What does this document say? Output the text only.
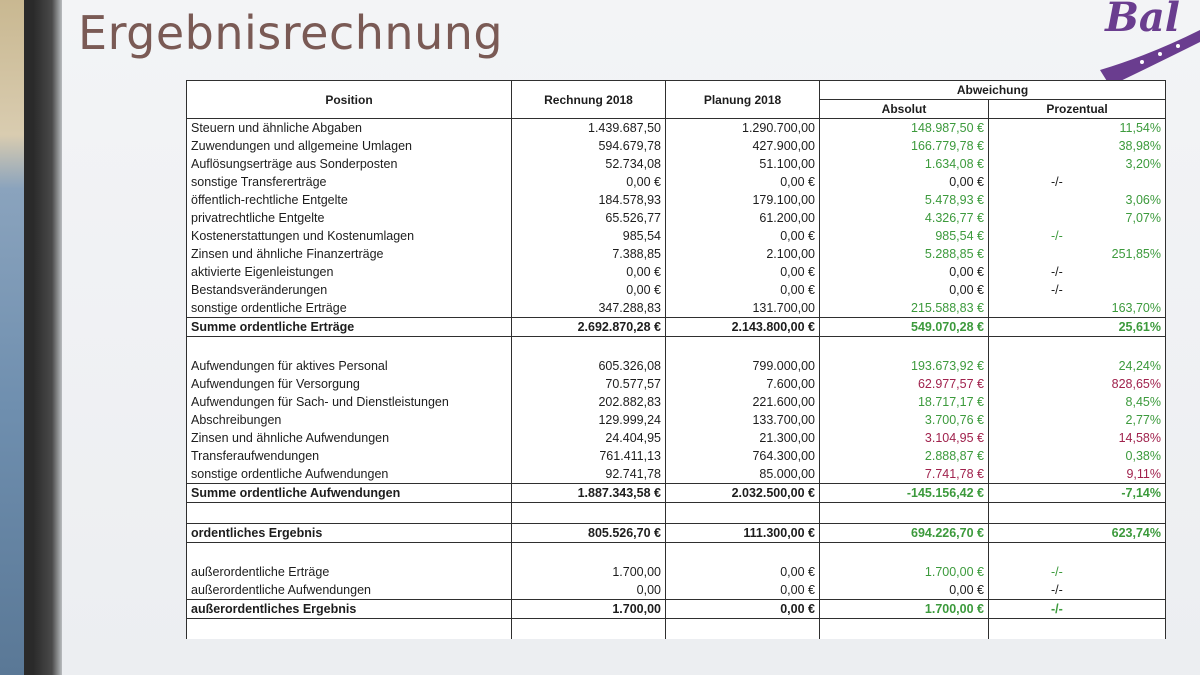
Ergebnisrechnung	Bal
Position	Rechnung 2018	Planung 2018	Abweichung	
			Absolut	Prozentual
Steuern und ähnliche Abgaben	1.439.687,50	1.290.700,00	148.987,50 €	11,54%
Zuwendungen und allgemeine Umlagen	594.679,78	427.900,00	166.779,78 €	38,98%
Auflösungserträge aus Sonderposten	52.734,08	51.100,00	1.634,08 €	3,20%
sonstige Transfererträge	0,00 €	0,00 €	0,00 €	-/-
öffentlich-rechtliche Entgelte	184.578,93	179.100,00	5.478,93 €	3,06%
privatrechtliche Entgelte	65.526,77	61.200,00	4.326,77 €	7,07%
Kostenerstattungen und Kostenumlagen	985,54	0,00 €	985,54 €	-/-
Zinsen und ähnliche Finanzerträge	7.388,85	2.100,00	5.288,85 €	251,85%
aktivierte Eigenleistungen	0,00 €	0,00 €	0,00 €	-/-
Bestandsveränderungen	0,00 €	0,00 €	0,00 €	-/-
sonstige ordentliche Erträge	347.288,83	131.700,00	215.588,83 €	163,70%
Summe ordentliche Erträge	2.692.870,28 €	2.143.800,00 €	549.070,28 €	25,61%

Aufwendungen für aktives Personal	605.326,08	799.000,00	193.673,92 €	24,24%
Aufwendungen für Versorgung	70.577,57	7.600,00	62.977,57 €	828,65%
Aufwendungen für Sach- und Dienstleistungen	202.882,83	221.600,00	18.717,17 €	8,45%
Abschreibungen	129.999,24	133.700,00	3.700,76 €	2,77%
Zinsen und ähnliche Aufwendungen	24.404,95	21.300,00	3.104,95 €	14,58%
Transferaufwendungen	761.411,13	764.300,00	2.888,87 €	0,38%
sonstige ordentliche Aufwendungen	92.741,78	85.000,00	7.741,78 €	9,11%
Summe ordentliche Aufwendungen	1.887.343,58 €	2.032.500,00 €	-145.156,42 €	-7,14%

ordentliches Ergebnis	805.526,70 €	111.300,00 €	694.226,70 €	623,74%

außerordentliche Erträge	1.700,00	0,00 €	1.700,00 €	-/-
außerordentliche Aufwendungen	0,00	0,00 €	0,00 €	-/-
außerordentliches Ergebnis	1.700,00	0,00 €	1.700,00 €	-/-
